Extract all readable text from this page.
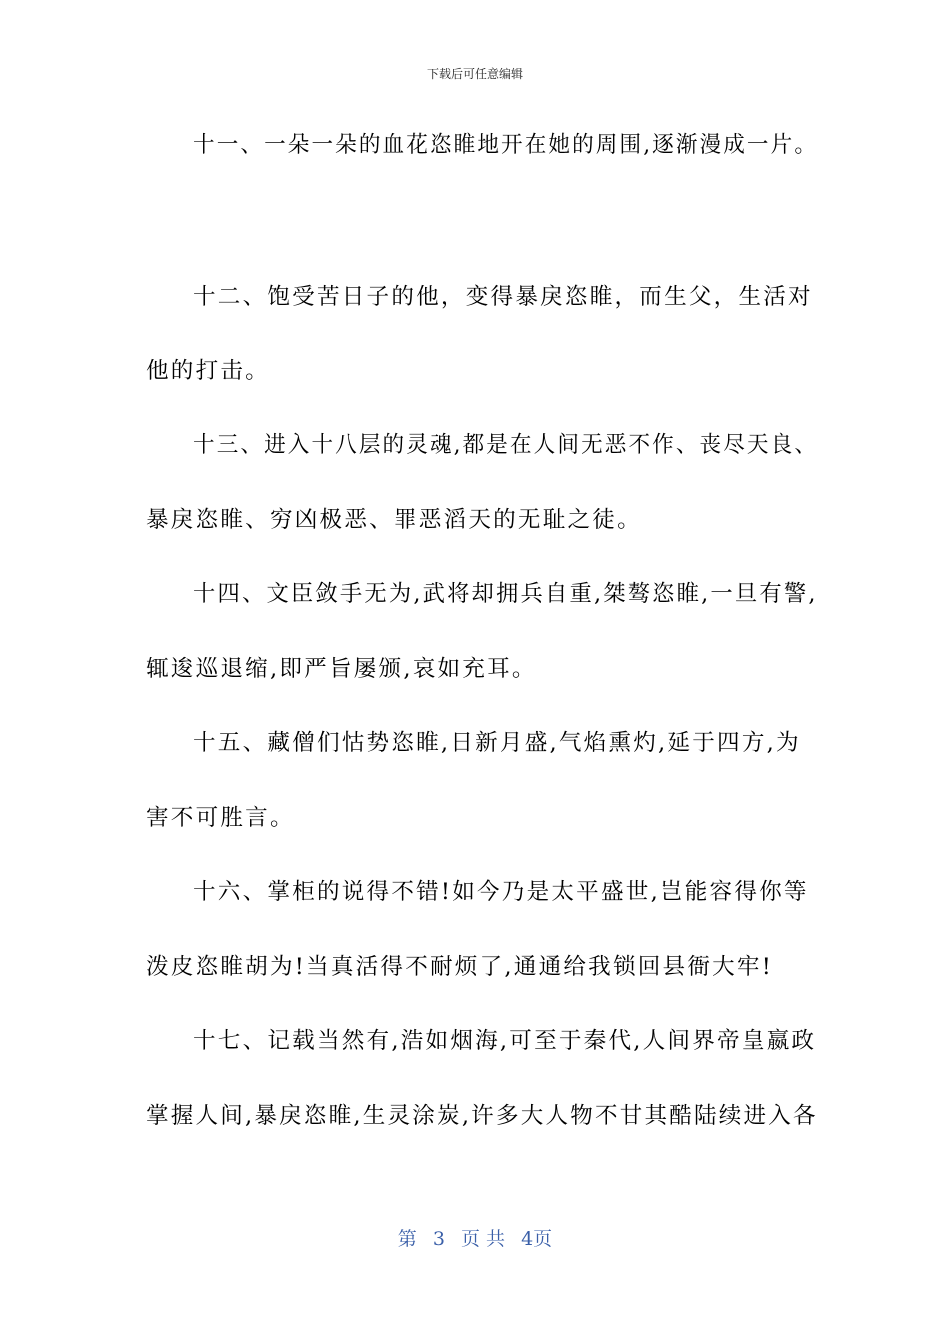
下载后可任意编辑
十一、一朵一朵的血花恣睢地开在她的周围,逐渐漫成一片。
十二、饱受苦日子的他，变得暴戾恣睢，而生父，生活对
他的打击。
十三、进入十八层的灵魂,都是在人间无恶不作、丧尽天良、
暴戾恣睢、穷凶极恶、罪恶滔天的无耻之徒。
十四、文臣敛手无为,武将却拥兵自重,桀骜恣睢,一旦有警,
辄逡巡退缩,即严旨屡颁,哀如充耳。
十五、藏僧们怙势恣睢,日新月盛,气焰熏灼,延于四方,为
害不可胜言。
十六、掌柜的说得不错!如今乃是太平盛世,岂能容得你等
泼皮恣睢胡为!当真活得不耐烦了,通通给我锁回县衙大牢!
十七、记载当然有,浩如烟海,可至于秦代,人间界帝皇嬴政
掌握人间,暴戾恣睢,生灵涂炭,许多大人物不甘其酷陆续进入各
第 3 页 共 4页
